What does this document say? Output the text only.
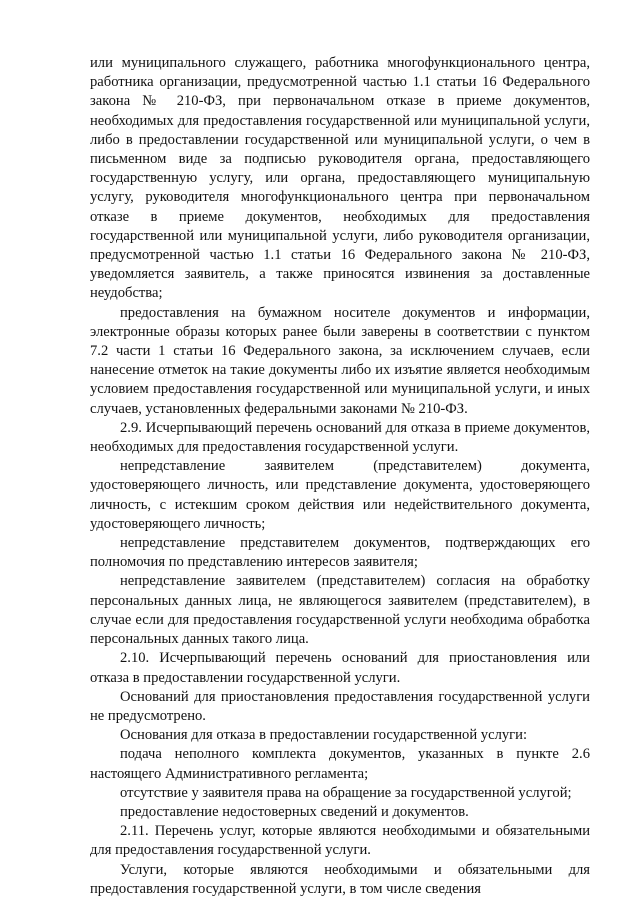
или муниципального служащего, работника многофункционального центра, работника организации, предусмотренной частью 1.1 статьи 16 Федерального закона № 210-ФЗ, при первоначальном отказе в приеме документов, необходимых для предоставления государственной или муниципальной услуги, либо в предоставлении государственной или муниципальной услуги, о чем в письменном виде за подписью руководителя органа, предоставляющего государственную услугу, или органа, предоставляющего муниципальную услугу, руководителя многофункционального центра при первоначальном отказе в приеме документов, необходимых для предоставления государственной или муниципальной услуги, либо руководителя организации, предусмотренной частью 1.1 статьи 16 Федерального закона № 210-ФЗ, уведомляется заявитель, а также приносятся извинения за доставленные неудобства;

предоставления на бумажном носителе документов и информации, электронные образы которых ранее были заверены в соответствии с пунктом 7.2 части 1 статьи 16 Федерального закона, за исключением случаев, если нанесение отметок на такие документы либо их изъятие является необходимым условием предоставления государственной или муниципальной услуги, и иных случаев, установленных федеральными законами № 210-ФЗ.

2.9. Исчерпывающий перечень оснований для отказа в приеме документов, необходимых для предоставления государственной услуги.

непредставление заявителем (представителем) документа, удостоверяющего личность, или представление документа, удостоверяющего личность, с истекшим сроком действия или недействительного документа, удостоверяющего личность;

непредставление представителем документов, подтверждающих его полномочия по представлению интересов заявителя;

непредставление заявителем (представителем) согласия на обработку персональных данных лица, не являющегося заявителем (представителем), в случае если для предоставления государственной услуги необходима обработка персональных данных такого лица.

2.10. Исчерпывающий перечень оснований для приостановления или отказа в предоставлении государственной услуги.

Оснований для приостановления предоставления государственной услуги не предусмотрено.

Основания для отказа в предоставлении государственной услуги:

подача неполного комплекта документов, указанных в пункте 2.6 настоящего Административного регламента;

отсутствие у заявителя права на обращение за государственной услугой;

предоставление недостоверных сведений и документов.

2.11. Перечень услуг, которые являются необходимыми и обязательными для предоставления государственной услуги.

Услуги, которые являются необходимыми и обязательными для предоставления государственной услуги, в том числе сведения
